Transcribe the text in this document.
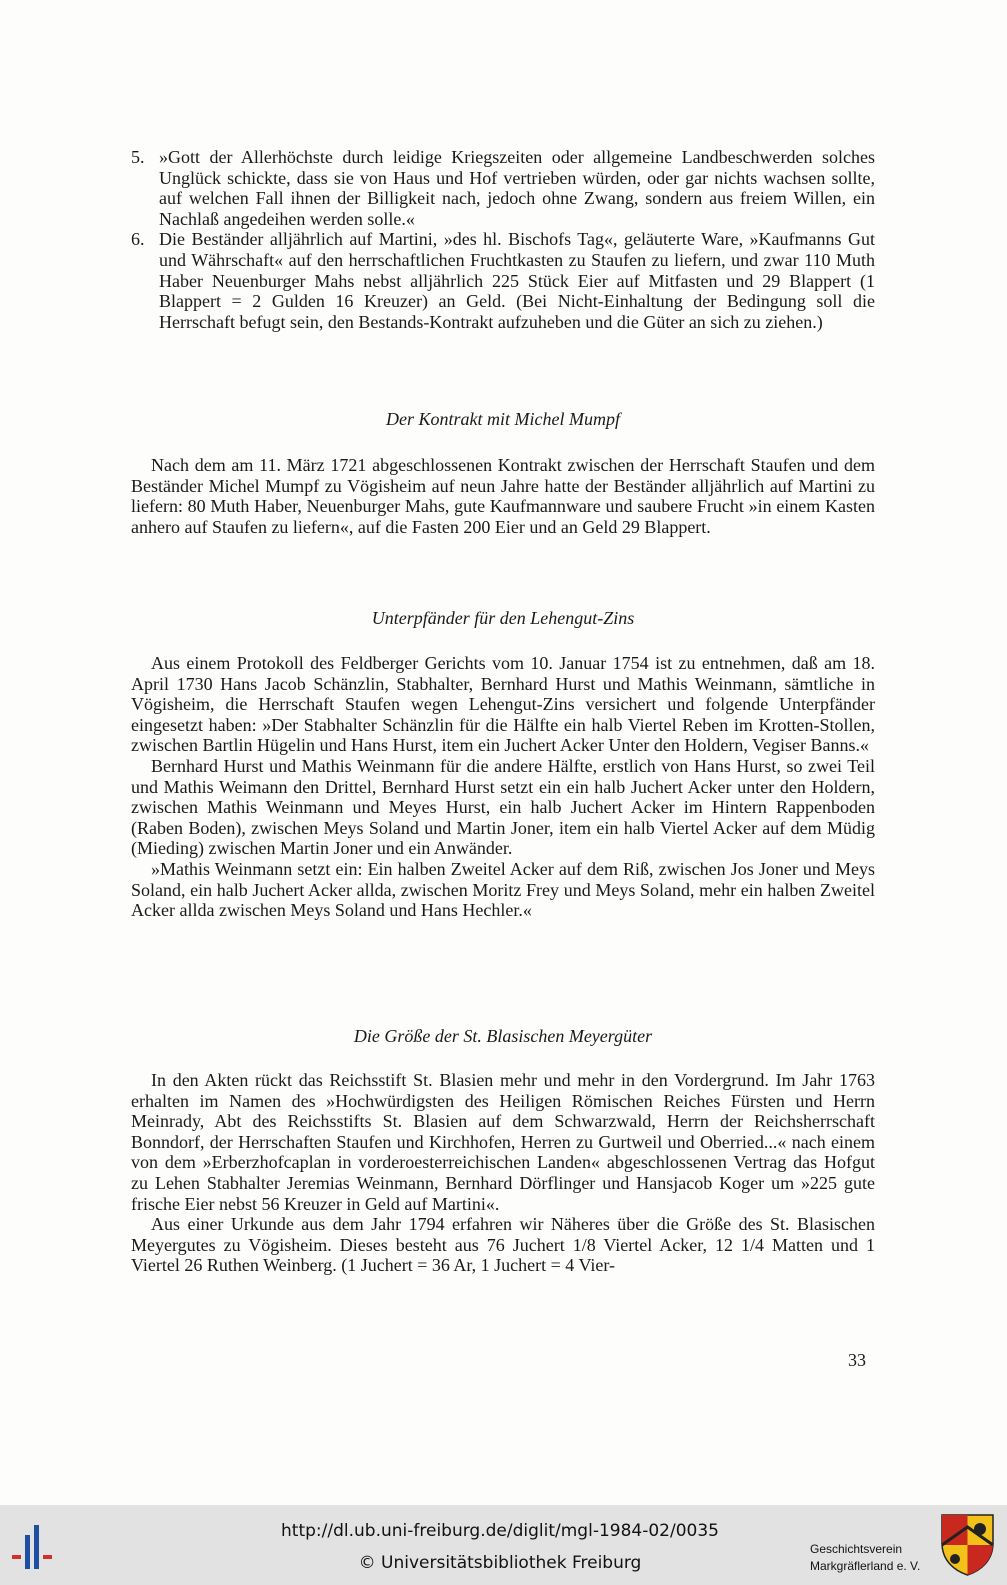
5. »Gott der Allerhöchste durch leidige Kriegszeiten oder allgemeine Landbeschwerden solches Unglück schickte, dass sie von Haus und Hof vertrieben würden, oder gar nichts wachsen sollte, auf welchen Fall ihnen der Billigkeit nach, jedoch ohne Zwang, sondern aus freiem Willen, ein Nachlaß angedeihen werden solle.«
6. Die Beständer alljährlich auf Martini, »des hl. Bischofs Tag«, geläuterte Ware, »Kaufmanns Gut und Währschaft« auf den herrschaftlichen Fruchtkasten zu Staufen zu liefern, und zwar 110 Muth Haber Neuenburger Mahs nebst alljährlich 225 Stück Eier auf Mitfasten und 29 Blappert (1 Blappert = 2 Gulden 16 Kreuzer) an Geld. (Bei Nicht-Einhaltung der Bedingung soll die Herrschaft befugt sein, den Bestands-Kontrakt aufzuheben und die Güter an sich zu ziehen.)
Der Kontrakt mit Michel Mumpf

Nach dem am 11. März 1721 abgeschlossenen Kontrakt zwischen der Herrschaft Staufen und dem Beständer Michel Mumpf zu Vögisheim auf neun Jahre hatte der Beständer alljährlich auf Martini zu liefern: 80 Muth Haber, Neuenburger Mahs, gute Kaufmannware und saubere Frucht »in einem Kasten anhero auf Staufen zu liefern«, auf die Fasten 200 Eier und an Geld 29 Blappert.

Unterpfänder für den Lehengut-Zins

Aus einem Protokoll des Feldberger Gerichts vom 10. Januar 1754 ist zu entnehmen, daß am 18. April 1730 Hans Jacob Schänzlin, Stabhalter, Bernhard Hurst und Mathis Weinmann, sämtliche in Vögisheim, die Herrschaft Staufen wegen Lehengut-Zins versichert und folgende Unterpfänder eingesetzt haben: »Der Stabhalter Schänzlin für die Hälfte ein halb Viertel Reben im Krotten-Stollen, zwischen Bartlin Hügelin und Hans Hurst, item ein Juchert Acker Unter den Holdern, Vegiser Banns.«

Bernhard Hurst und Mathis Weinmann für die andere Hälfte, erstlich von Hans Hurst, so zwei Teil und Mathis Weimann den Drittel, Bernhard Hurst setzt ein ein halb Juchert Acker unter den Holdern, zwischen Mathis Weinmann und Meyes Hurst, ein halb Juchert Acker im Hintern Rappenboden (Raben Boden), zwischen Meys Soland und Martin Joner, item ein halb Viertel Acker auf dem Müdig (Mieding) zwischen Martin Joner und ein Anwänder.

»Mathis Weinmann setzt ein: Ein halben Zweitel Acker auf dem Riß, zwischen Jos Joner und Meys Soland, ein halb Juchert Acker allda, zwischen Moritz Frey und Meys Soland, mehr ein halben Zweitel Acker allda zwischen Meys Soland und Hans Hechler.«

Die Größe der St. Blasischen Meyergüter

In den Akten rückt das Reichsstift St. Blasien mehr und mehr in den Vordergrund. Im Jahr 1763 erhalten im Namen des »Hochwürdigsten des Heiligen Römischen Reiches Fürsten und Herrn Meinrady, Abt des Reichsstifts St. Blasien auf dem Schwarzwald, Herrn der Reichsherrschaft Bonndorf, der Herrschaften Staufen und Kirchhofen, Herren zu Gurtweil und Oberried...« nach einem von dem »Erberzhofcaplan in vorderoesterreichischen Landen« abgeschlossenen Vertrag das Hofgut zu Lehen Stabhalter Jeremias Weinmann, Bernhard Dörflinger und Hansjacob Koger um »225 gute frische Eier nebst 56 Kreuzer in Geld auf Martini«.

Aus einer Urkunde aus dem Jahr 1794 erfahren wir Näheres über die Größe des St. Blasischen Meyergutes zu Vögisheim. Dieses besteht aus 76 Juchert 1/8 Viertel Acker, 12 1/4 Matten und 1 Viertel 26 Ruthen Weinberg. (1 Juchert = 36 Ar, 1 Juchert = 4 Vier-

33
http://dl.ub.uni-freiburg.de/diglit/mgl-1984-02/0035
© Universitätsbibliothek Freiburg
Geschichtsverein
Markgräflerland e. V.
